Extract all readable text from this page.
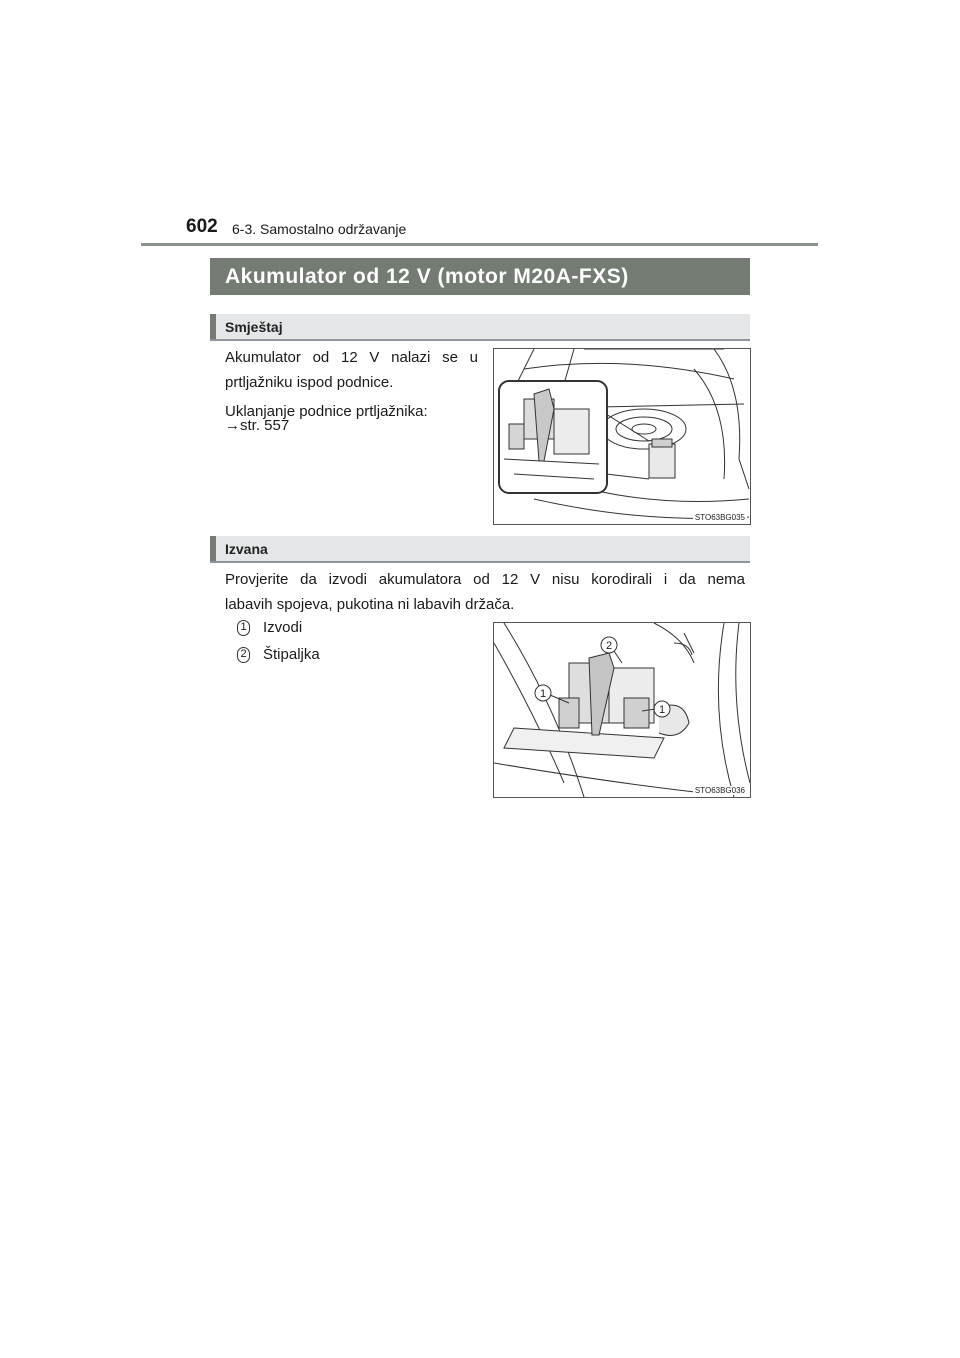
602 6-3. Samostalno održavanje
Akumulator od 12 V (motor M20A-FXS)
Smještaj
Akumulator od 12 V nalazi se u
prtljažniku ispod podnice.
Uklanjanje podnice prtljažnika:
→str. 557
STO63BG035
Izvana
Provjerite da izvodi akumulatora od 12 V nisu korodirali i da nema
labavih spojeva, pukotina ni labavih držača.
1 Izvodi
2 Štipaljka
1
2
1
STO63BG036
